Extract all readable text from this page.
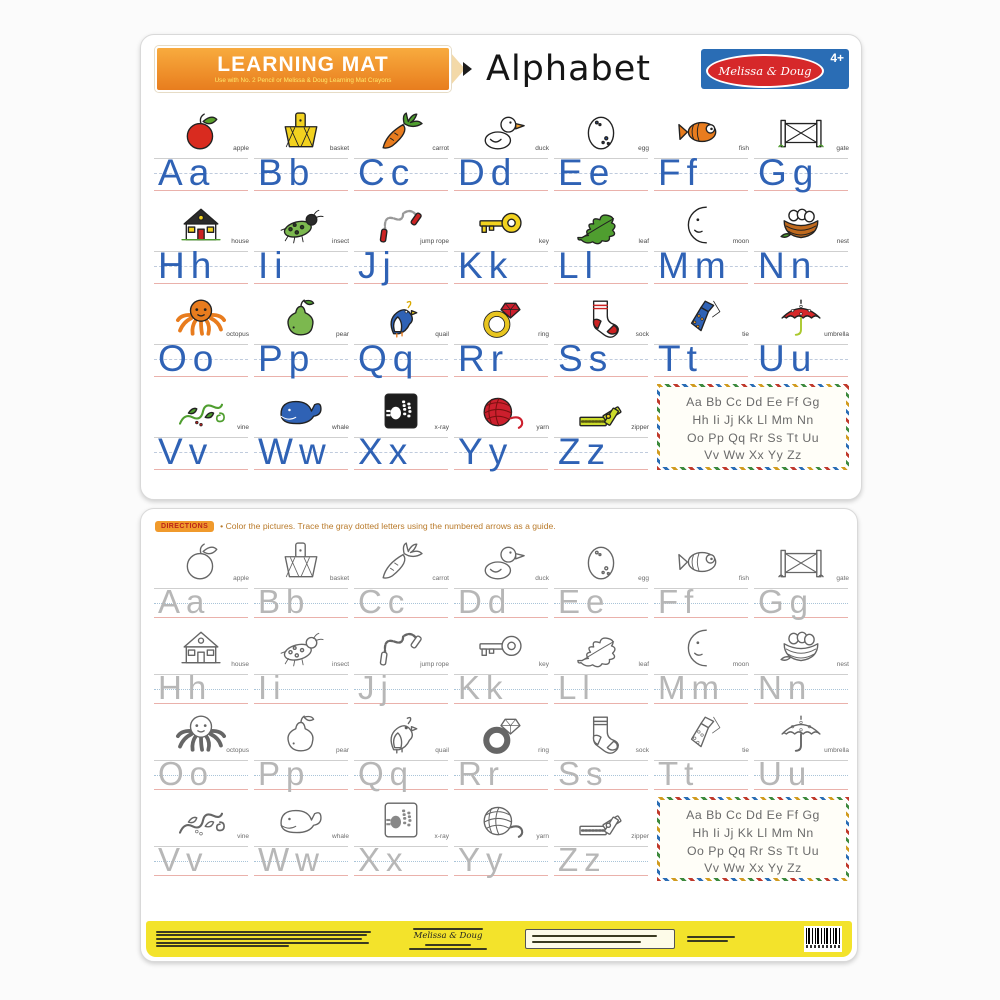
LEARNING MAT
Use with No. 2 Pencil or Melissa & Doug Learning Mat Crayons	Alphabet	Melissa & Doug
4+
apple
A a
basket
B b
carrot
C c
duck
D d
egg
E e
fish
F f
gate
G g
house
H h
insect
I i
jump rope
J j
key
K k
leaf
L l
moon
M m
nest
N n
octopus
O o
pear
P p
quail
Q q
ring
R r
sock
S s
tie
T t
umbrella
U u
vine
V v
whale
W w
x-ray
X x
yarn
Y y
zipper
Z z
Aa Bb Cc Dd Ee Ff Gg
Hh Ii Jj Kk Ll Mm Nn
Oo Pp Qq Rr Ss Tt Uu
Vv Ww Xx Yy Zz
DIRECTIONS	• Color the pictures. Trace the gray dotted letters using the numbered arrows as a guide.
apple
A a
basket
B b
carrot
C c
duck
D d
egg
E e
fish
F f
gate
G g
house
H h
insect
I i
jump rope
J j
key
K k
leaf
L l
moon
M m
nest
N n
octopus
O o
pear
P p
quail
Q q
ring
R r
sock
S s
tie
T t
umbrella
U u
vine
V v
whale
W w
x-ray
X x
yarn
Y y
zipper
Z z
Aa Bb Cc Dd Ee Ff Gg
Hh Ii Jj Kk Ll Mm Nn
Oo Pp Qq Rr Ss Tt Uu
Vv Ww Xx Yy Zz
Melissa & Doug
